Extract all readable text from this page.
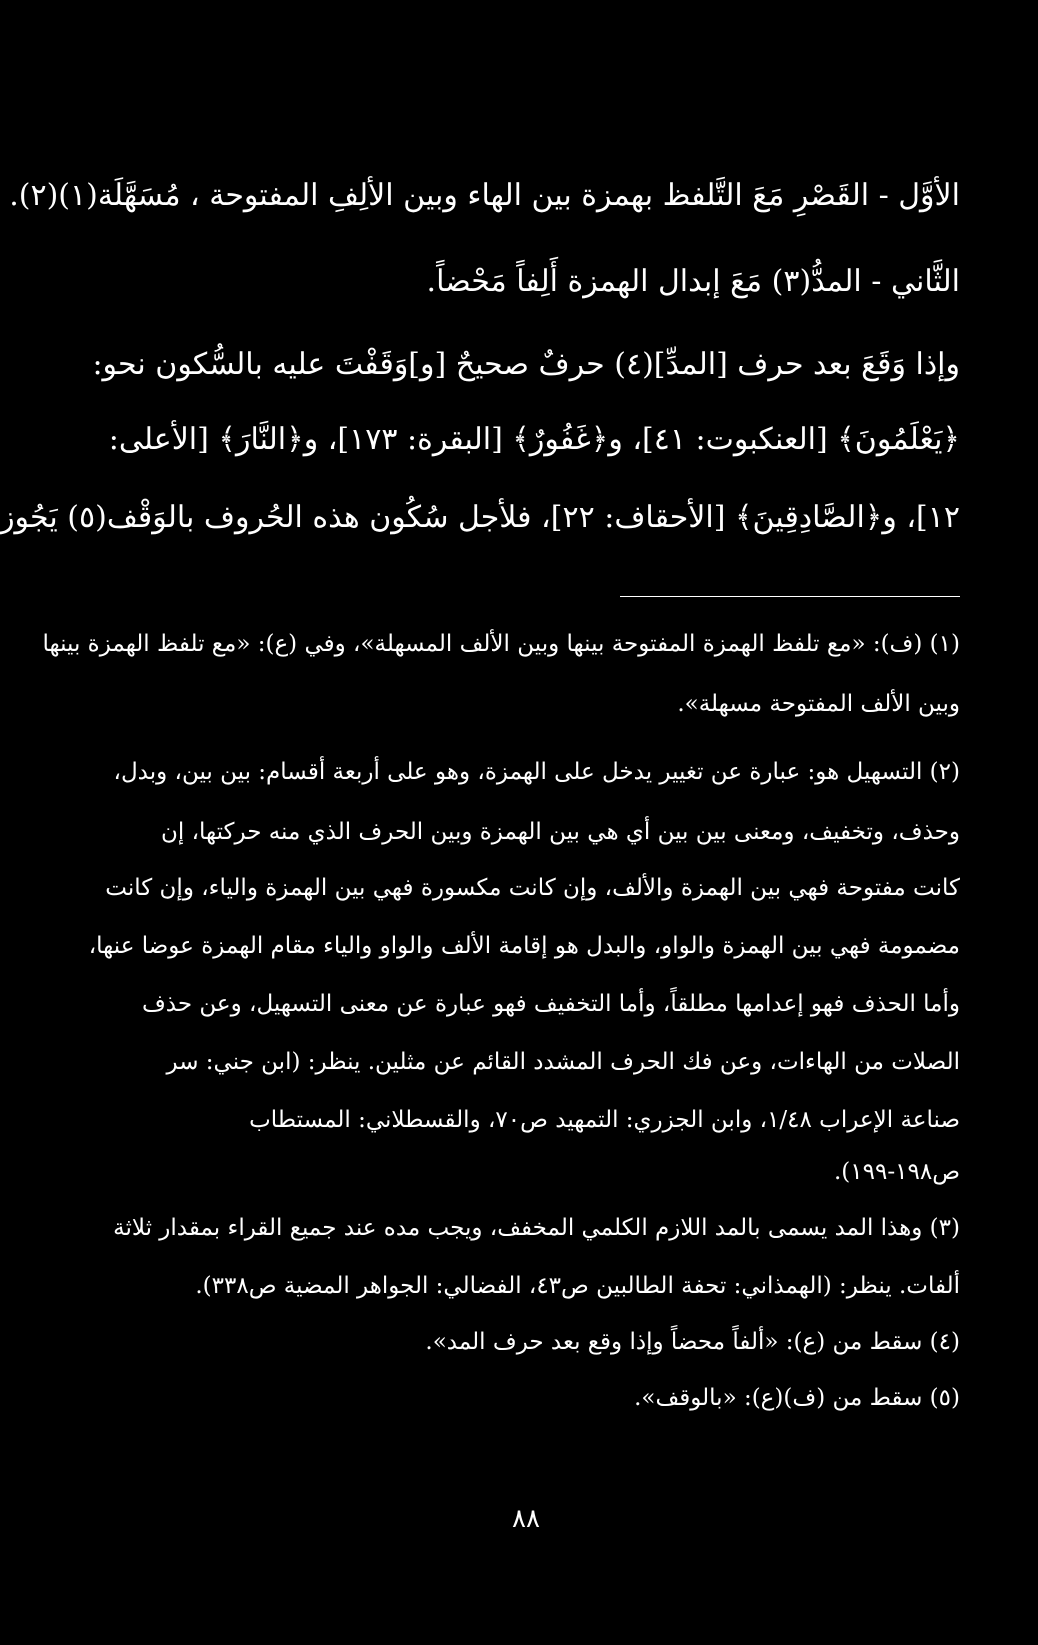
الأوَّل - القَصْرِ مَعَ التَّلفظ بهمزة بين الهاء وبين الألِفِ المفتوحة ، مُسَهَّلَة(١)(٢).
الثَّاني - المدُّ(٣) مَعَ إبدال الهمزة أَلِفاً مَحْضاً.
وإذا وَقَعَ بعد حرف [المدِّ](٤) حرفٌ صحيحٌ [و]وَقَفْتَ عليه بالسُّكون نحو:
﴿يَعْلَمُونَ﴾ [العنكبوت: ٤١]، و﴿غَفُورٌ﴾ [البقرة: ١٧٣]، و﴿النَّارَ﴾ [الأعلى:
١٢]، و﴿الصَّادِقِينَ﴾ [الأحقاف: ٢٢]، فلأجل سُكُون هذه الحُروف بالوَقْف(٥) يَجُوز
(١) (ف): «مع تلفظ الهمزة المفتوحة بينها وبين الألف المسهلة»، وفي (ع): «مع تلفظ الهمزة بينها
وبين الألف المفتوحة مسهلة».
(٢) التسهيل هو: عبارة عن تغيير يدخل على الهمزة، وهو على أربعة أقسام: بين بين، وبدل،
وحذف، وتخفيف، ومعنى بين بين أي هي بين الهمزة وبين الحرف الذي منه حركتها، إن
كانت مفتوحة فهي بين الهمزة والألف، وإن كانت مكسورة فهي بين الهمزة والياء، وإن كانت
مضمومة فهي بين الهمزة والواو، والبدل هو إقامة الألف والواو والياء مقام الهمزة عوضا عنها،
وأما الحذف فهو إعدامها مطلقاً، وأما التخفيف فهو عبارة عن معنى التسهيل، وعن حذف
الصلات من الهاءات، وعن فك الحرف المشدد القائم عن مثلين. ينظر: (ابن جني: سر
صناعة الإعراب ١/٤٨، وابن الجزري: التمهيد ص٧٠، والقسطلاني: المستطاب
ص١٩٨-١٩٩).
(٣) وهذا المد يسمى بالمد اللازم الكلمي المخفف، ويجب مده عند جميع القراء بمقدار ثلاثة
ألفات. ينظر: (الهمذاني: تحفة الطالبين ص٤٣، الفضالي: الجواهر المضية ص٣٣٨).
(٤) سقط من (ع): «ألفاً محضاً وإذا وقع بعد حرف المد».
(٥) سقط من (ف)(ع): «بالوقف».
٨٨
